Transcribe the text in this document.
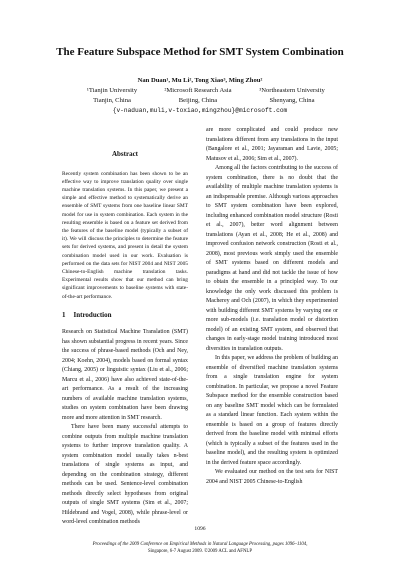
The Feature Subspace Method for SMT System Combination
Nan Duan¹, Mu Li², Tong Xiao³, Ming Zhou²
¹Tianjin University
Tianjin, China
²Microsoft Research Asia
Beijing, China
³Northeastern University
Shenyang, China
{v-naduan,muli,v-toxiao,mingzhou}@microsoft.com
Abstract

Recently system combination has been shown to be an effective way to improve translation quality over single machine translation systems. In this paper, we present a simple and effective method to systematically derive an ensemble of SMT systems from one baseline linear SMT model for use in system combination. Each system in the resulting ensemble is based on a feature set derived from the features of the baseline model (typically a subset of it). We will discuss the principles to determine the feature sets for derived systems, and present in detail the system combination model used in our work. Evaluation is performed on the data sets for NIST 2004 and NIST 2005 Chinese-to-English machine translation tasks. Experimental results show that our method can bring significant improvements to baseline systems with state-of-the-art performance.

1 Introduction

Research on Statistical Machine Translation (SMT) has shown substantial progress in recent years. Since the success of phrase-based methods (Och and Ney, 2004; Koehn, 2004), models based on formal syntax (Chiang, 2005) or linguistic syntax (Liu et al., 2006; Marcu et al., 2006) have also achieved state-of-the-art performance. As a result of the increasing numbers of available machine translation systems, studies on system combination have been drawing more and more attention in SMT research.

There have been many successful attempts to combine outputs from multiple machine translation systems to further improve translation quality. A system combination model usually takes n-best translations of single systems as input, and depending on the combination strategy, different methods can be used. Sentence-level combination methods directly select hypotheses from original outputs of single SMT systems (Sim et al., 2007; Hildebrand and Vogel, 2008), while phrase-level or word-level combination methods

are more complicated and could produce new translations different from any translations in the input (Bangalore et al., 2001; Jayaraman and Lavie, 2005; Matusov et al., 2006; Sim et al., 2007).

Among all the factors contributing to the success of system combination, there is no doubt that the availability of multiple machine translation systems is an indispensable premise. Although various approaches to SMT system combination have been explored, including enhanced combination model structure (Rosti et al., 2007), better word alignment between translations (Ayan et al., 2008; He et al., 2008) and improved confusion network construction (Rosti et al., 2008), most previous work simply used the ensemble of SMT systems based on different models and paradigms at hand and did not tackle the issue of how to obtain the ensemble in a principled way. To our knowledge the only work discussed this problem is Macherey and Och (2007), in which they experimented with building different SMT systems by varying one or more sub-models (i.e. translation model or distortion model) of an existing SMT system, and observed that changes in early-stage model training introduced most diversities in translation outputs.

In this paper, we address the problem of building an ensemble of diversified machine translation systems from a single translation engine for system combination. In particular, we propose a novel Feature Subspace method for the ensemble construction based on any baseline SMT model which can be formulated as a standard linear function. Each system within the ensemble is based on a group of features directly derived from the baseline model with minimal efforts (which is typically a subset of the features used in the baseline model), and the resulting system is optimized in the derived feature space accordingly.

We evaluated our method on the test sets for NIST 2004 and NIST 2005 Chinese-to-English

1096
Proceedings of the 2009 Conference on Empirical Methods in Natural Language Processing, pages 1096–1104,
Singapore, 6-7 August 2009. ©2009 ACL and AFNLP
